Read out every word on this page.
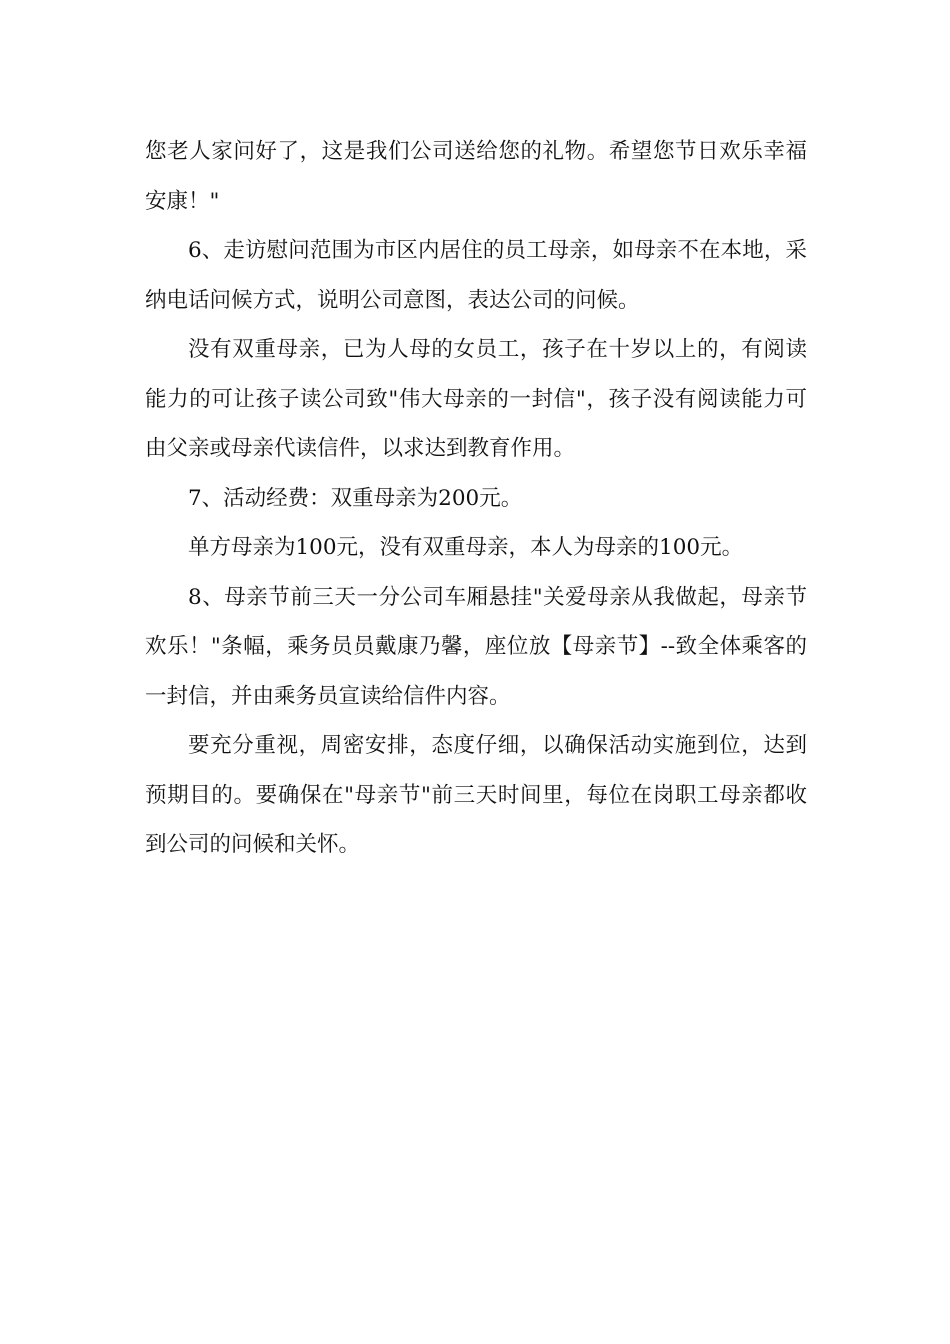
您老人家问好了，这是我们公司送给您的礼物。希望您节日欢乐幸福安康！"

6、走访慰问范围为市区内居住的员工母亲，如母亲不在本地，采纳电话问候方式，说明公司意图，表达公司的问候。

没有双重母亲，已为人母的女员工，孩子在十岁以上的，有阅读能力的可让孩子读公司致"伟大母亲的一封信"，孩子没有阅读能力可由父亲或母亲代读信件，以求达到教育作用。

7、活动经费：双重母亲为200元。

单方母亲为100元，没有双重母亲，本人为母亲的100元。

8、母亲节前三天一分公司车厢悬挂"关爱母亲从我做起，母亲节欢乐！"条幅，乘务员员戴康乃馨，座位放【母亲节】--致全体乘客的一封信，并由乘务员宣读给信件内容。

要充分重视，周密安排，态度仔细，以确保活动实施到位，达到预期目的。要确保在"母亲节"前三天时间里，每位在岗职工母亲都收到公司的问候和关怀。
